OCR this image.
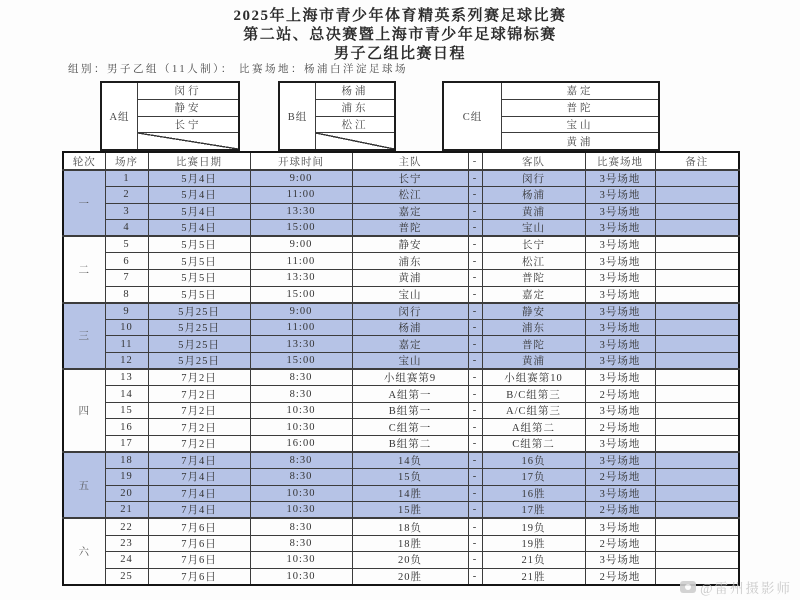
2025年上海市青少年体育精英系列赛足球比赛
第二站、总决赛暨上海市青少年足球锦标赛
男子乙组比赛日程
组别：男子乙组（11人制）： 比赛场地：杨浦白洋淀足球场
A组
闵行
静安
长宁
B组
杨浦
浦东
松江
C组
嘉定
普陀
宝山
黄浦
轮次	场序	比赛日期	开球时间	主队	-	客队	比赛场地	备注
一	1	5月4日	9:00	长宁	-	闵行	3号场地	
	2	5月4日	11:00	松江	-	杨浦	3号场地	
	3	5月4日	13:30	嘉定	-	黄浦	3号场地	
	4	5月4日	15:00	普陀	-	宝山	3号场地	
二	5	5月5日	9:00	静安	-	长宁	3号场地	
	6	5月5日	11:00	浦东	-	松江	3号场地	
	7	5月5日	13:30	黄浦	-	普陀	3号场地	
	8	5月5日	15:00	宝山	-	嘉定	3号场地	
三	9	5月25日	9:00	闵行	-	静安	3号场地	
	10	5月25日	11:00	杨浦	-	浦东	3号场地	
	11	5月25日	13:30	嘉定	-	普陀	3号场地	
	12	5月25日	15:00	宝山	-	黄浦	3号场地	
四	13	7月2日	8:30	小组赛第9	-	小组赛第10	3号场地	
	14	7月2日	8:30	A组第一	-	B/C组第三	2号场地	
	15	7月2日	10:30	B组第一	-	A/C组第三	3号场地	
	16	7月2日	10:30	C组第一	-	A组第二	2号场地	
	17	7月2日	16:00	B组第二	-	C组第二	3号场地	
五	18	7月4日	8:30	14负	-	16负	3号场地	
	19	7月4日	8:30	15负	-	17负	2号场地	
	20	7月4日	10:30	14胜	-	16胜	3号场地	
	21	7月4日	10:30	15胜	-	17胜	2号场地	
六	22	7月6日	8:30	18负	-	19负	3号场地	
	23	7月6日	8:30	18胜	-	19胜	2号场地	
	24	7月6日	10:30	20负	-	21负	3号场地	
	25	7月6日	10:30	20胜	-	21胜	2号场地	
@雷州摄影师
